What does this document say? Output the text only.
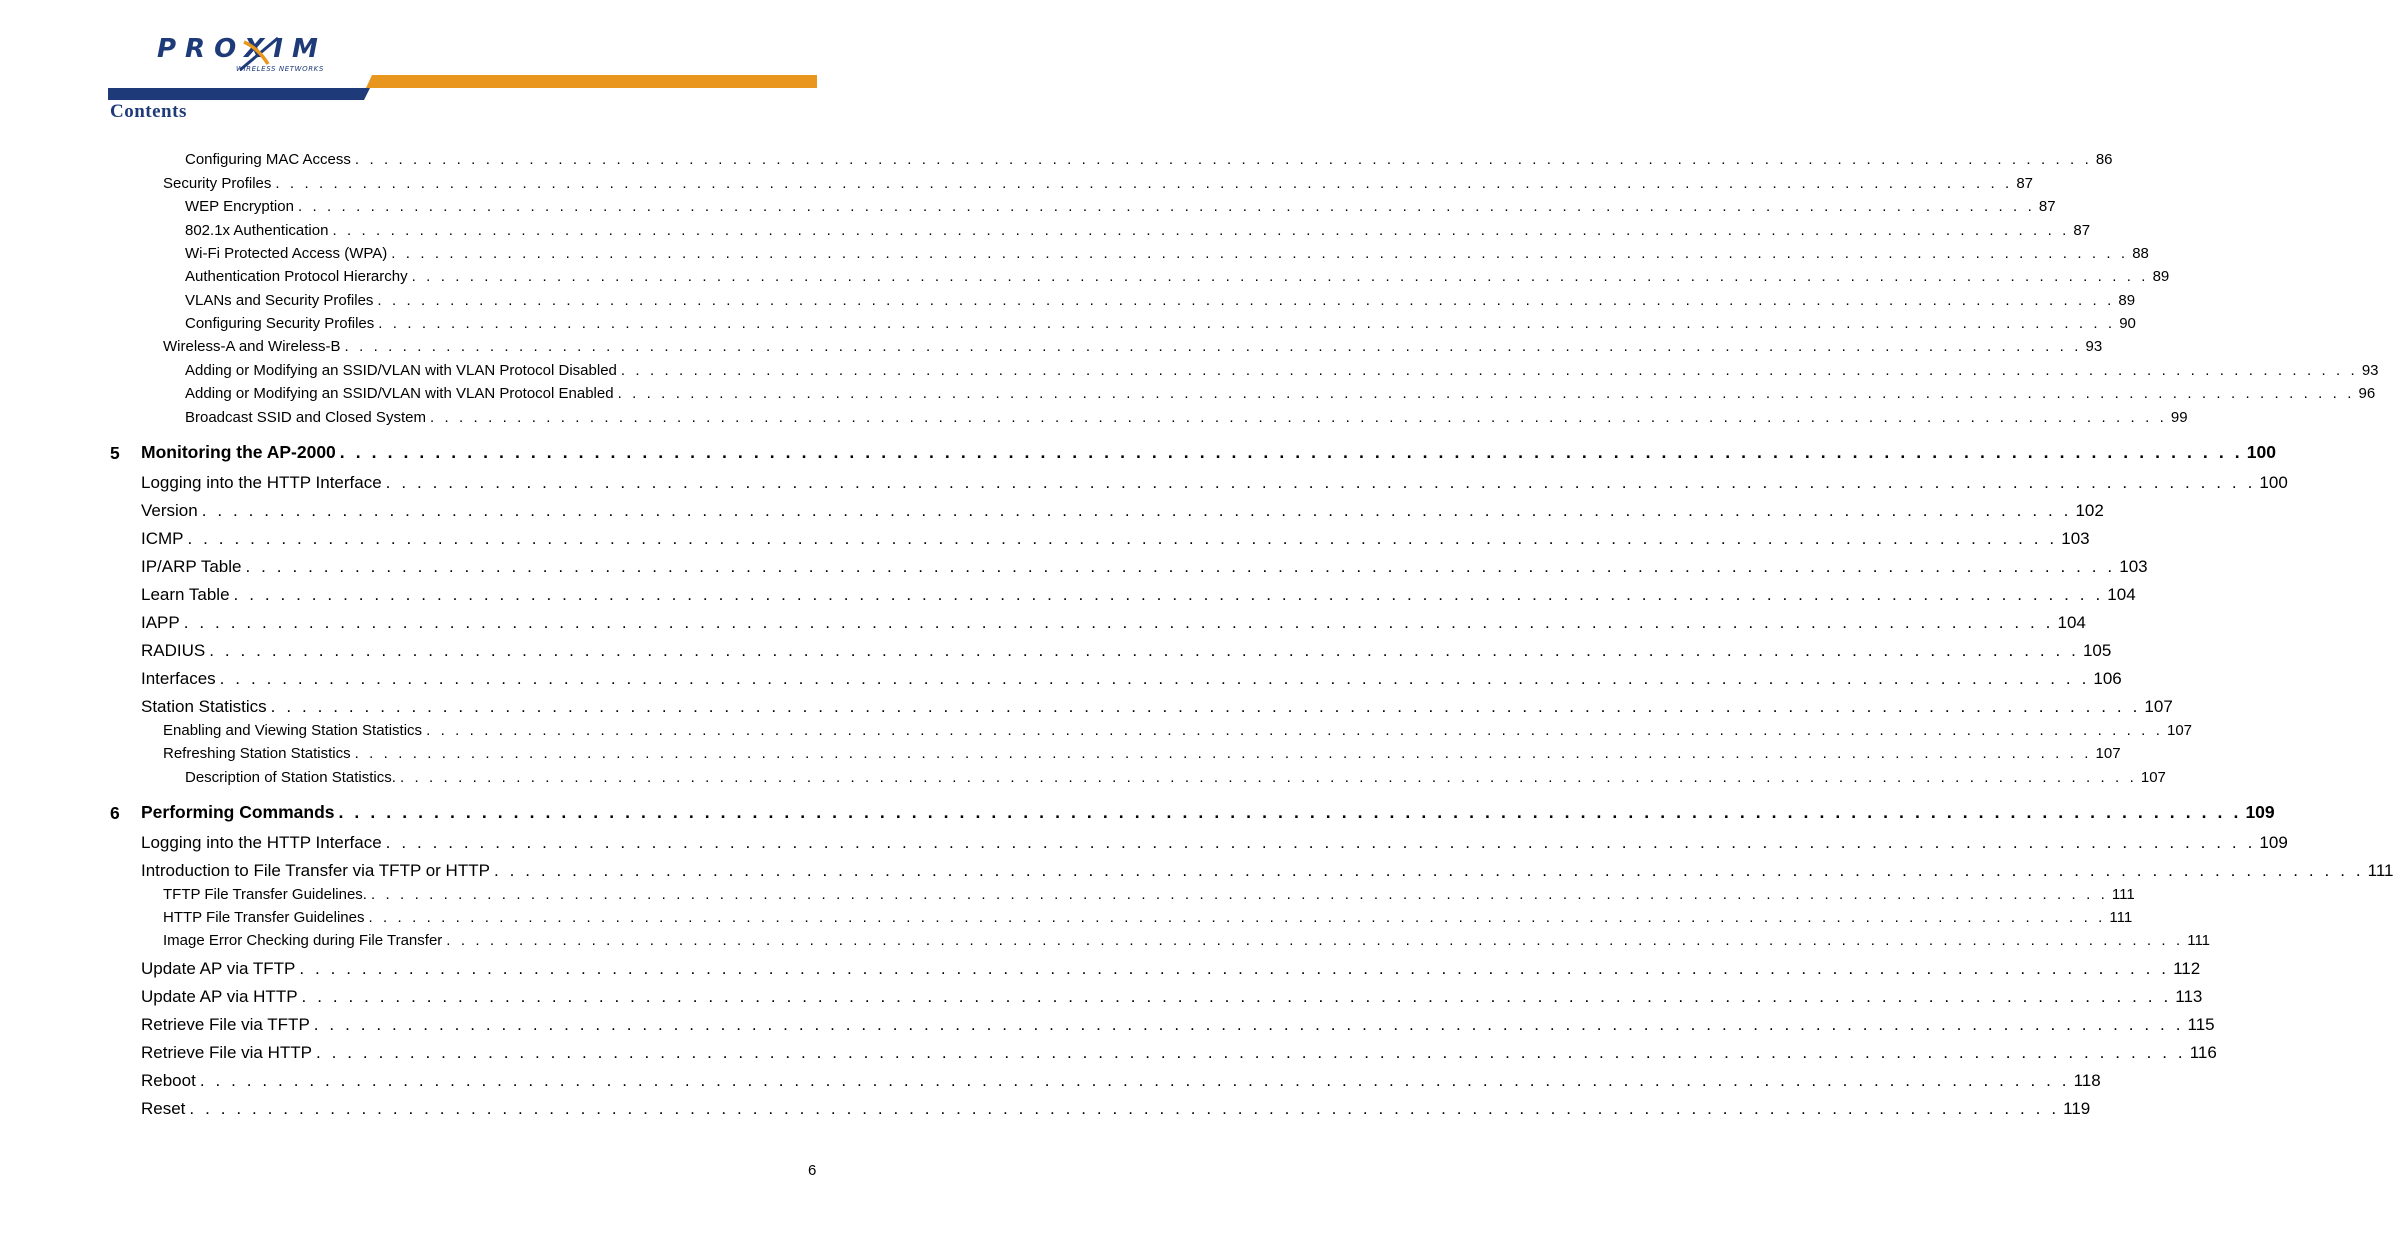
PROXIM
WIRELESS NETWORKS
Contents
Configuring MAC Access . . . . . . . . . . . . . . . . . . . . . . . . . . . . . . . . . . . . . . . . . . . . . . . . . . . . . . . . . . . . . . . . . . . . . . . . . . . . . . . . . . . . . . . . . . . . . . . . . . . . . . . . . . . . . . . . . . . . . . . . 86
Security Profiles . . . . . . . . . . . . . . . . . . . . . . . . . . . . . . . . . . . . . . . . . . . . . . . . . . . . . . . . . . . . . . . . . . . . . . . . . . . . . . . . . . . . . . . . . . . . . . . . . . . . . . . . . . . . . . . . . . . . . . . . 87
WEP Encryption . . . . . . . . . . . . . . . . . . . . . . . . . . . . . . . . . . . . . . . . . . . . . . . . . . . . . . . . . . . . . . . . . . . . . . . . . . . . . . . . . . . . . . . . . . . . . . . . . . . . . . . . . . . . . . . . . . . . . . . . 87
802.1x Authentication . . . . . . . . . . . . . . . . . . . . . . . . . . . . . . . . . . . . . . . . . . . . . . . . . . . . . . . . . . . . . . . . . . . . . . . . . . . . . . . . . . . . . . . . . . . . . . . . . . . . . . . . . . . . . . . . . . . . . . . . 87
Wi-Fi Protected Access (WPA) . . . . . . . . . . . . . . . . . . . . . . . . . . . . . . . . . . . . . . . . . . . . . . . . . . . . . . . . . . . . . . . . . . . . . . . . . . . . . . . . . . . . . . . . . . . . . . . . . . . . . . . . . . . . . . . . . . . . . . . . 88
Authentication Protocol Hierarchy . . . . . . . . . . . . . . . . . . . . . . . . . . . . . . . . . . . . . . . . . . . . . . . . . . . . . . . . . . . . . . . . . . . . . . . . . . . . . . . . . . . . . . . . . . . . . . . . . . . . . . . . . . . . . . . . . . . . . . . . 89
VLANs and Security Profiles . . . . . . . . . . . . . . . . . . . . . . . . . . . . . . . . . . . . . . . . . . . . . . . . . . . . . . . . . . . . . . . . . . . . . . . . . . . . . . . . . . . . . . . . . . . . . . . . . . . . . . . . . . . . . . . . . . . . . . . . 89
Configuring Security Profiles . . . . . . . . . . . . . . . . . . . . . . . . . . . . . . . . . . . . . . . . . . . . . . . . . . . . . . . . . . . . . . . . . . . . . . . . . . . . . . . . . . . . . . . . . . . . . . . . . . . . . . . . . . . . . . . . . . . . . . . . 90
Wireless-A and Wireless-B . . . . . . . . . . . . . . . . . . . . . . . . . . . . . . . . . . . . . . . . . . . . . . . . . . . . . . . . . . . . . . . . . . . . . . . . . . . . . . . . . . . . . . . . . . . . . . . . . . . . . . . . . . . . . . . . . . . . . . . . 93
Adding or Modifying an SSID/VLAN with VLAN Protocol Disabled . . . . . . . . . . . . . . . . . . . . . . . . . . . . . . . . . . . . . . . . . . . . . . . . . . . . . . . . . . . . . . . . . . . . . . . . . . . . . . . . . . . . . . . . . . . . . . . . . . . . . . . . . . . . . . . . . . . . . . . . 93
Adding or Modifying an SSID/VLAN with VLAN Protocol Enabled . . . . . . . . . . . . . . . . . . . . . . . . . . . . . . . . . . . . . . . . . . . . . . . . . . . . . . . . . . . . . . . . . . . . . . . . . . . . . . . . . . . . . . . . . . . . . . . . . . . . . . . . . . . . . . . . . . . . . . . . 96
Broadcast SSID and Closed System . . . . . . . . . . . . . . . . . . . . . . . . . . . . . . . . . . . . . . . . . . . . . . . . . . . . . . . . . . . . . . . . . . . . . . . . . . . . . . . . . . . . . . . . . . . . . . . . . . . . . . . . . . . . . . . . . . . . . . . . 99
5 Monitoring the AP-2000 . . . . . . . . . . . . . . . . . . . . . . . . . . . . . . . . . . . . . . . . . . . . . . . . . . . . . . . . . . . . . . . . . . . . . . . . . . . . . . . . . . . . . . . . . . . . . . . . . . . . . . . . . . . . . . . . . . . . . . . . 100
Logging into the HTTP Interface . . . . . . . . . . . . . . . . . . . . . . . . . . . . . . . . . . . . . . . . . . . . . . . . . . . . . . . . . . . . . . . . . . . . . . . . . . . . . . . . . . . . . . . . . . . . . . . . . . . . . . . . . . . . . . . . . . . . . . . . 100
Version . . . . . . . . . . . . . . . . . . . . . . . . . . . . . . . . . . . . . . . . . . . . . . . . . . . . . . . . . . . . . . . . . . . . . . . . . . . . . . . . . . . . . . . . . . . . . . . . . . . . . . . . . . . . . . . . . . . . . . . . 102
ICMP . . . . . . . . . . . . . . . . . . . . . . . . . . . . . . . . . . . . . . . . . . . . . . . . . . . . . . . . . . . . . . . . . . . . . . . . . . . . . . . . . . . . . . . . . . . . . . . . . . . . . . . . . . . . . . . . . . . . . . . . 103
IP/ARP Table . . . . . . . . . . . . . . . . . . . . . . . . . . . . . . . . . . . . . . . . . . . . . . . . . . . . . . . . . . . . . . . . . . . . . . . . . . . . . . . . . . . . . . . . . . . . . . . . . . . . . . . . . . . . . . . . . . . . . . . . 103
Learn Table . . . . . . . . . . . . . . . . . . . . . . . . . . . . . . . . . . . . . . . . . . . . . . . . . . . . . . . . . . . . . . . . . . . . . . . . . . . . . . . . . . . . . . . . . . . . . . . . . . . . . . . . . . . . . . . . . . . . . . . . 104
IAPP . . . . . . . . . . . . . . . . . . . . . . . . . . . . . . . . . . . . . . . . . . . . . . . . . . . . . . . . . . . . . . . . . . . . . . . . . . . . . . . . . . . . . . . . . . . . . . . . . . . . . . . . . . . . . . . . . . . . . . . . 104
RADIUS . . . . . . . . . . . . . . . . . . . . . . . . . . . . . . . . . . . . . . . . . . . . . . . . . . . . . . . . . . . . . . . . . . . . . . . . . . . . . . . . . . . . . . . . . . . . . . . . . . . . . . . . . . . . . . . . . . . . . . . . 105
Interfaces . . . . . . . . . . . . . . . . . . . . . . . . . . . . . . . . . . . . . . . . . . . . . . . . . . . . . . . . . . . . . . . . . . . . . . . . . . . . . . . . . . . . . . . . . . . . . . . . . . . . . . . . . . . . . . . . . . . . . . . . 106
Station Statistics . . . . . . . . . . . . . . . . . . . . . . . . . . . . . . . . . . . . . . . . . . . . . . . . . . . . . . . . . . . . . . . . . . . . . . . . . . . . . . . . . . . . . . . . . . . . . . . . . . . . . . . . . . . . . . . . . . . . . . . . 107
Enabling and Viewing Station Statistics . . . . . . . . . . . . . . . . . . . . . . . . . . . . . . . . . . . . . . . . . . . . . . . . . . . . . . . . . . . . . . . . . . . . . . . . . . . . . . . . . . . . . . . . . . . . . . . . . . . . . . . . . . . . . . . . . . . . . . . . 107
Refreshing Station Statistics . . . . . . . . . . . . . . . . . . . . . . . . . . . . . . . . . . . . . . . . . . . . . . . . . . . . . . . . . . . . . . . . . . . . . . . . . . . . . . . . . . . . . . . . . . . . . . . . . . . . . . . . . . . . . . . . . . . . . . . . 107
Description of Station Statistics. . . . . . . . . . . . . . . . . . . . . . . . . . . . . . . . . . . . . . . . . . . . . . . . . . . . . . . . . . . . . . . . . . . . . . . . . . . . . . . . . . . . . . . . . . . . . . . . . . . . . . . . . . . . . . . . . . . . . . . . . 107
6 Performing Commands . . . . . . . . . . . . . . . . . . . . . . . . . . . . . . . . . . . . . . . . . . . . . . . . . . . . . . . . . . . . . . . . . . . . . . . . . . . . . . . . . . . . . . . . . . . . . . . . . . . . . . . . . . . . . . . . . . . . . . . . 109
Logging into the HTTP Interface . . . . . . . . . . . . . . . . . . . . . . . . . . . . . . . . . . . . . . . . . . . . . . . . . . . . . . . . . . . . . . . . . . . . . . . . . . . . . . . . . . . . . . . . . . . . . . . . . . . . . . . . . . . . . . . . . . . . . . . . 109
Introduction to File Transfer via TFTP or HTTP . . . . . . . . . . . . . . . . . . . . . . . . . . . . . . . . . . . . . . . . . . . . . . . . . . . . . . . . . . . . . . . . . . . . . . . . . . . . . . . . . . . . . . . . . . . . . . . . . . . . . . . . . . . . . . . . . . . . . . . . 111
TFTP File Transfer Guidelines. . . . . . . . . . . . . . . . . . . . . . . . . . . . . . . . . . . . . . . . . . . . . . . . . . . . . . . . . . . . . . . . . . . . . . . . . . . . . . . . . . . . . . . . . . . . . . . . . . . . . . . . . . . . . . . . . . . . . . . . . 111
HTTP File Transfer Guidelines . . . . . . . . . . . . . . . . . . . . . . . . . . . . . . . . . . . . . . . . . . . . . . . . . . . . . . . . . . . . . . . . . . . . . . . . . . . . . . . . . . . . . . . . . . . . . . . . . . . . . . . . . . . . . . . . . . . . . . . . 111
Image Error Checking during File Transfer . . . . . . . . . . . . . . . . . . . . . . . . . . . . . . . . . . . . . . . . . . . . . . . . . . . . . . . . . . . . . . . . . . . . . . . . . . . . . . . . . . . . . . . . . . . . . . . . . . . . . . . . . . . . . . . . . . . . . . . . 111
Update AP via TFTP . . . . . . . . . . . . . . . . . . . . . . . . . . . . . . . . . . . . . . . . . . . . . . . . . . . . . . . . . . . . . . . . . . . . . . . . . . . . . . . . . . . . . . . . . . . . . . . . . . . . . . . . . . . . . . . . . . . . . . . . 112
Update AP via HTTP . . . . . . . . . . . . . . . . . . . . . . . . . . . . . . . . . . . . . . . . . . . . . . . . . . . . . . . . . . . . . . . . . . . . . . . . . . . . . . . . . . . . . . . . . . . . . . . . . . . . . . . . . . . . . . . . . . . . . . . . 113
Retrieve File via TFTP . . . . . . . . . . . . . . . . . . . . . . . . . . . . . . . . . . . . . . . . . . . . . . . . . . . . . . . . . . . . . . . . . . . . . . . . . . . . . . . . . . . . . . . . . . . . . . . . . . . . . . . . . . . . . . . . . . . . . . . . 115
Retrieve File via HTTP . . . . . . . . . . . . . . . . . . . . . . . . . . . . . . . . . . . . . . . . . . . . . . . . . . . . . . . . . . . . . . . . . . . . . . . . . . . . . . . . . . . . . . . . . . . . . . . . . . . . . . . . . . . . . . . . . . . . . . . . 116
Reboot . . . . . . . . . . . . . . . . . . . . . . . . . . . . . . . . . . . . . . . . . . . . . . . . . . . . . . . . . . . . . . . . . . . . . . . . . . . . . . . . . . . . . . . . . . . . . . . . . . . . . . . . . . . . . . . . . . . . . . . . 118
Reset . . . . . . . . . . . . . . . . . . . . . . . . . . . . . . . . . . . . . . . . . . . . . . . . . . . . . . . . . . . . . . . . . . . . . . . . . . . . . . . . . . . . . . . . . . . . . . . . . . . . . . . . . . . . . . . . . . . . . . . . 119
6
